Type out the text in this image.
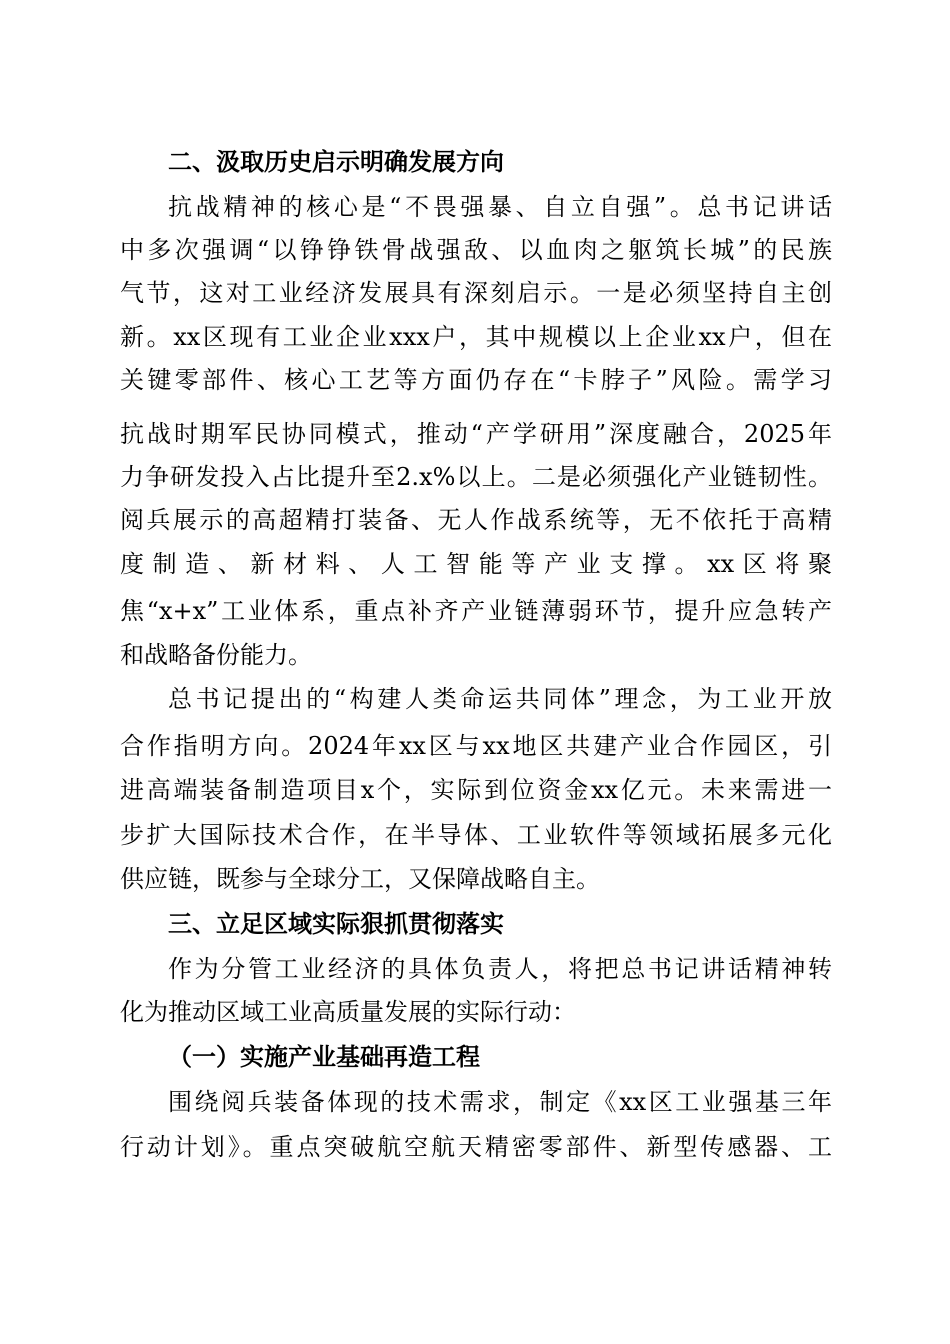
二、汲取历史启示明确发展方向
抗战精神的核心是“不畏强暴、自立自强”。总书记讲话
中多次强调“以铮铮铁骨战强敌、以血肉之躯筑长城”的民族
气节，这对工业经济发展具有深刻启示。一是必须坚持自主创
新。xx区现有工业企业xxx户，其中规模以上企业xx户，但在
关键零部件、核心工艺等方面仍存在“卡脖子”风险。需学习
抗战时期军民协同模式，推动“产学研用”深度融合，2025年
力争研发投入占比提升至2.x%以上。二是必须强化产业链韧性。
阅兵展示的高超精打装备、无人作战系统等，无不依托于高精
度制造、新材料、人工智能等产业支撑。xx区将聚
焦“x+x”工业体系，重点补齐产业链薄弱环节，提升应急转产
和战略备份能力。
总书记提出的“构建人类命运共同体”理念，为工业开放
合作指明方向。2024年xx区与xx地区共建产业合作园区，引
进高端装备制造项目x个，实际到位资金xx亿元。未来需进一
步扩大国际技术合作，在半导体、工业软件等领域拓展多元化
供应链，既参与全球分工，又保障战略自主。
三、立足区域实际狠抓贯彻落实
作为分管工业经济的具体负责人，将把总书记讲话精神转
化为推动区域工业高质量发展的实际行动：
（一）实施产业基础再造工程
围绕阅兵装备体现的技术需求，制定《xx区工业强基三年
行动计划》。重点突破航空航天精密零部件、新型传感器、工
